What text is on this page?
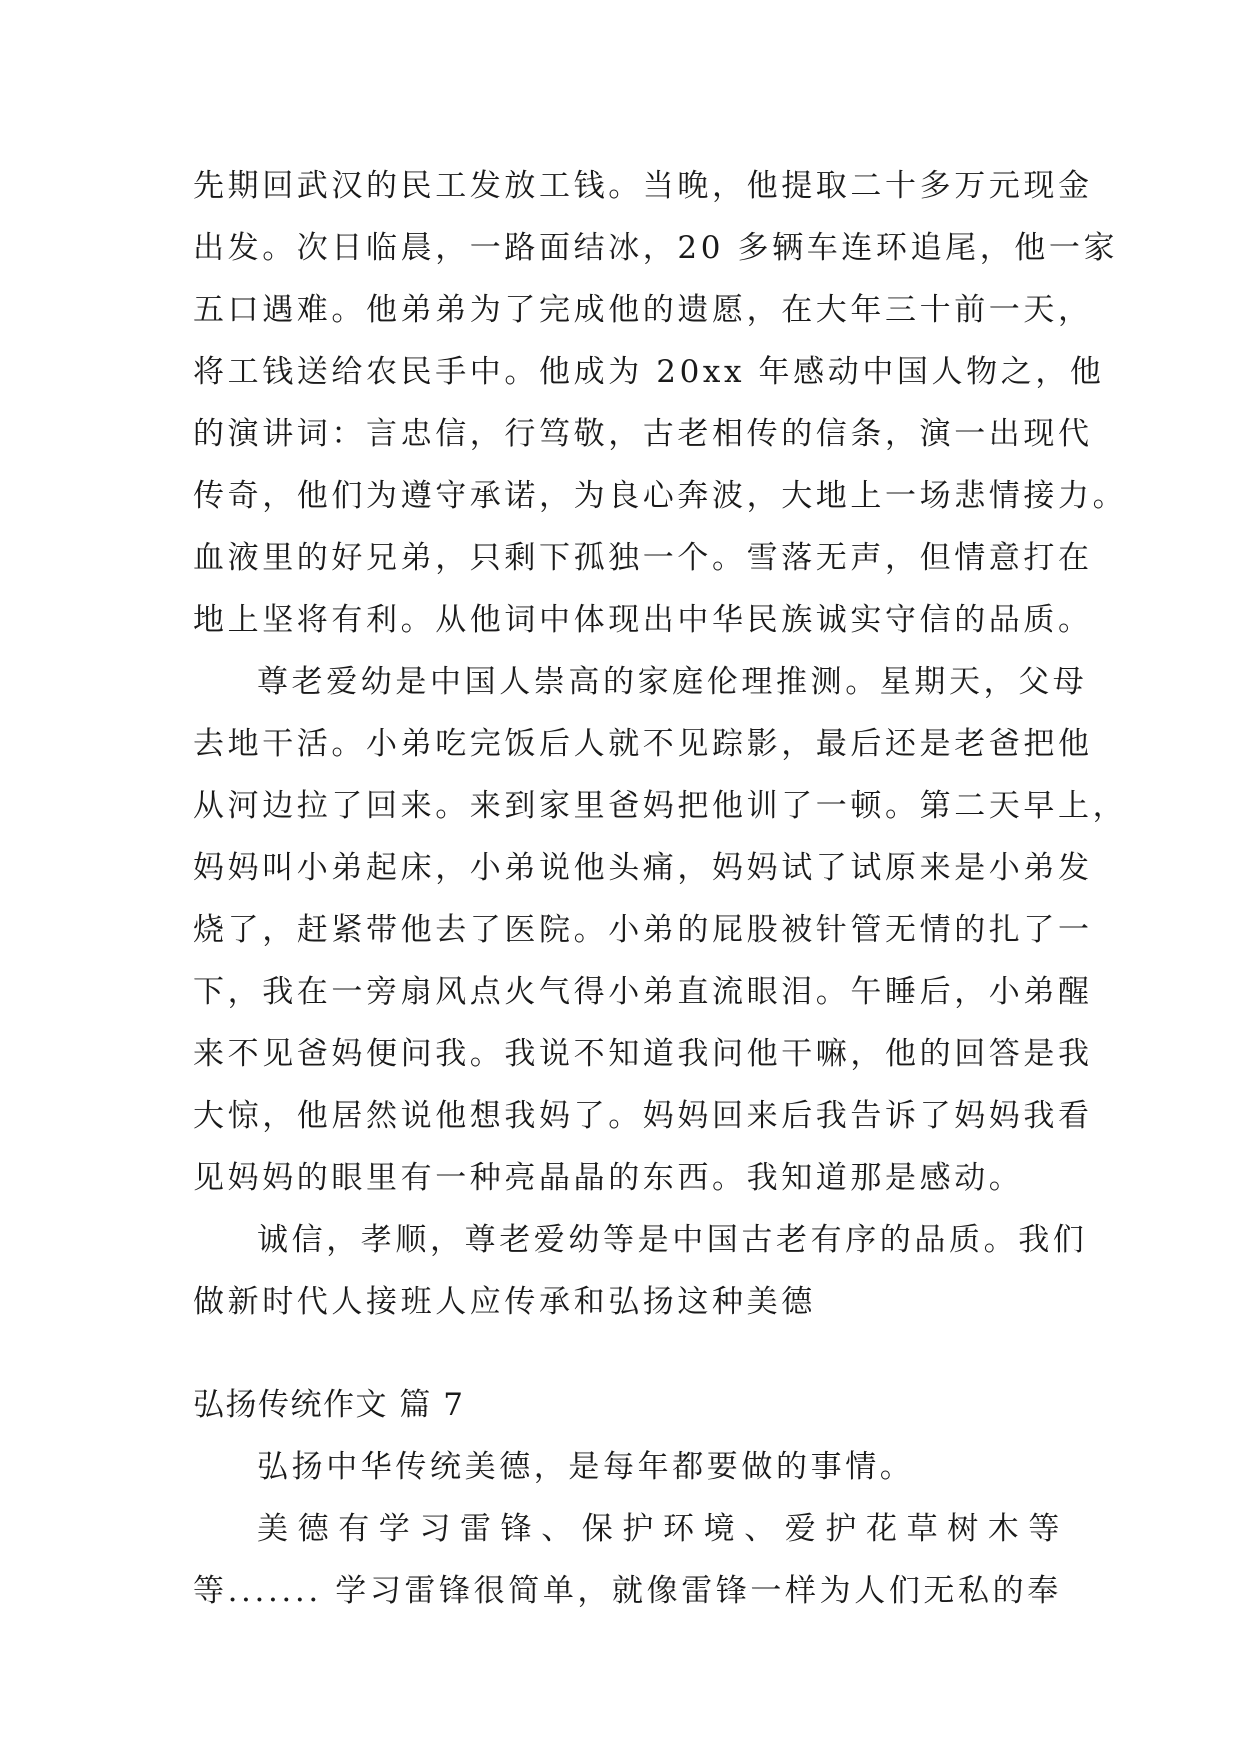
先期回武汉的民工发放工钱。当晚，他提取二十多万元现金
出发。次日临晨，一路面结冰，20 多辆车连环追尾，他一家
五口遇难。他弟弟为了完成他的遗愿，在大年三十前一天，
将工钱送给农民手中。他成为 20xx 年感动中国人物之，他
的演讲词：言忠信，行笃敬，古老相传的信条，演一出现代
传奇，他们为遵守承诺，为良心奔波，大地上一场悲情接力。
血液里的好兄弟，只剩下孤独一个。雪落无声，但情意打在
地上坚将有利。从他词中体现出中华民族诚实守信的品质。
尊老爱幼是中国人崇高的家庭伦理推测。星期天，父母
去地干活。小弟吃完饭后人就不见踪影，最后还是老爸把他
从河边拉了回来。来到家里爸妈把他训了一顿。第二天早上，
妈妈叫小弟起床，小弟说他头痛，妈妈试了试原来是小弟发
烧了，赶紧带他去了医院。小弟的屁股被针管无情的扎了一
下，我在一旁扇风点火气得小弟直流眼泪。午睡后，小弟醒
来不见爸妈便问我。我说不知道我问他干嘛，他的回答是我
大惊，他居然说他想我妈了。妈妈回来后我告诉了妈妈我看
见妈妈的眼里有一种亮晶晶的东西。我知道那是感动。
诚信，孝顺，尊老爱幼等是中国古老有序的品质。我们
做新时代人接班人应传承和弘扬这种美德
弘扬传统作文 篇 7
弘扬中华传统美德，是每年都要做的事情。
美德有学习雷锋、保护环境、爱护花草树木等
等....... 学习雷锋很简单，就像雷锋一样为人们无私的奉
